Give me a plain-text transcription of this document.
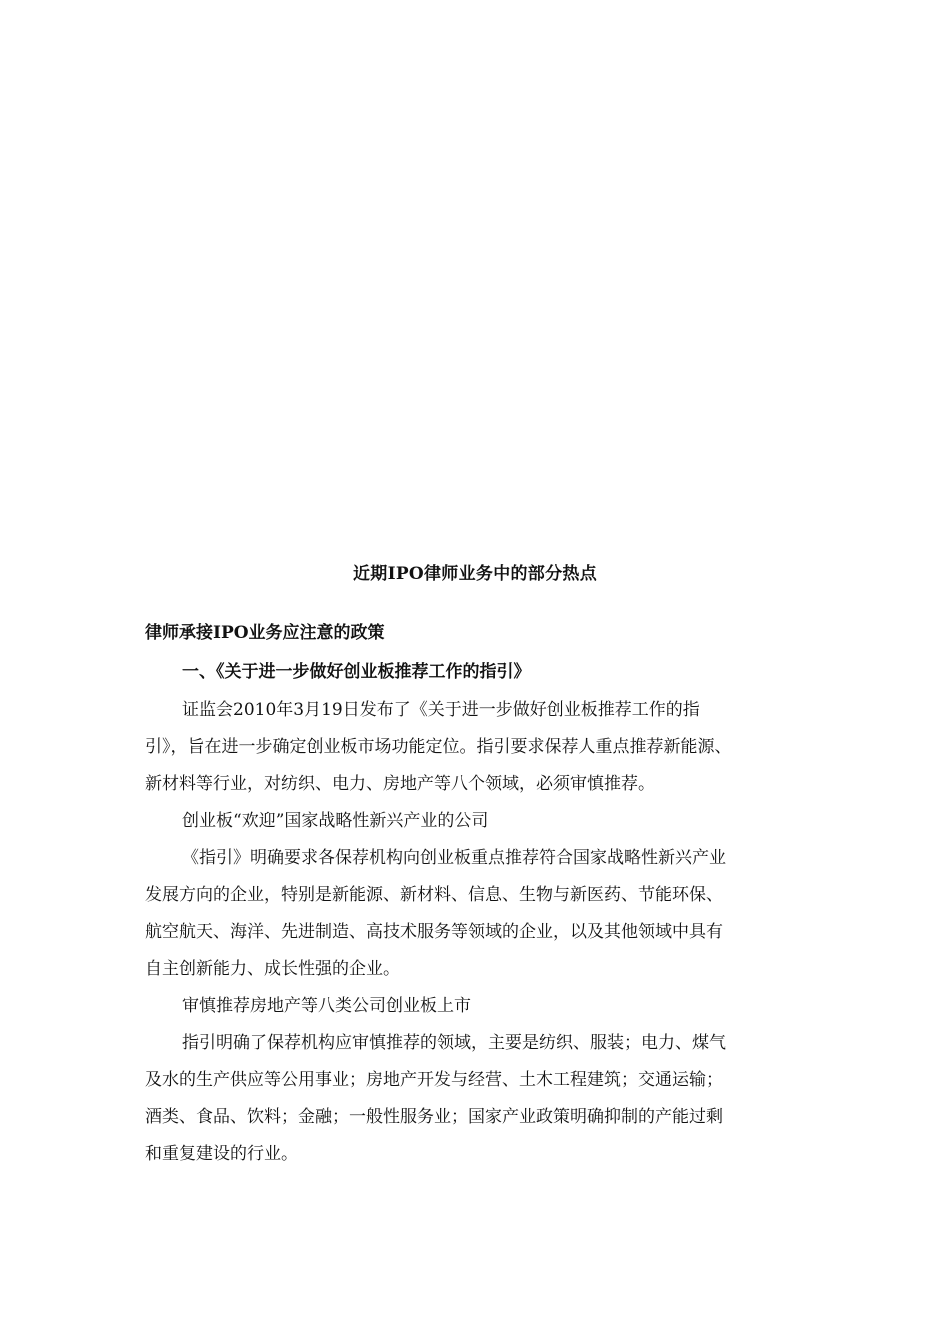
近期IPO律师业务中的部分热点
律师承接IPO业务应注意的政策
一、《关于进一步做好创业板推荐工作的指引》
证监会2010年3月19日发布了《关于进一步做好创业板推荐工作的指
引》，旨在进一步确定创业板市场功能定位。指引要求保荐人重点推荐新能源、
新材料等行业，对纺织、电力、房地产等八个领域，必须审慎推荐。
创业板“欢迎”国家战略性新兴产业的公司
《指引》明确要求各保荐机构向创业板重点推荐符合国家战略性新兴产业
发展方向的企业，特别是新能源、新材料、信息、生物与新医药、节能环保、
航空航天、海洋、先进制造、高技术服务等领域的企业，以及其他领域中具有
自主创新能力、成长性强的企业。
审慎推荐房地产等八类公司创业板上市
指引明确了保荐机构应审慎推荐的领域，主要是纺织、服装；电力、煤气
及水的生产供应等公用事业；房地产开发与经营、土木工程建筑；交通运输；
酒类、食品、饮料；金融；一般性服务业；国家产业政策明确抑制的产能过剩
和重复建设的行业。
